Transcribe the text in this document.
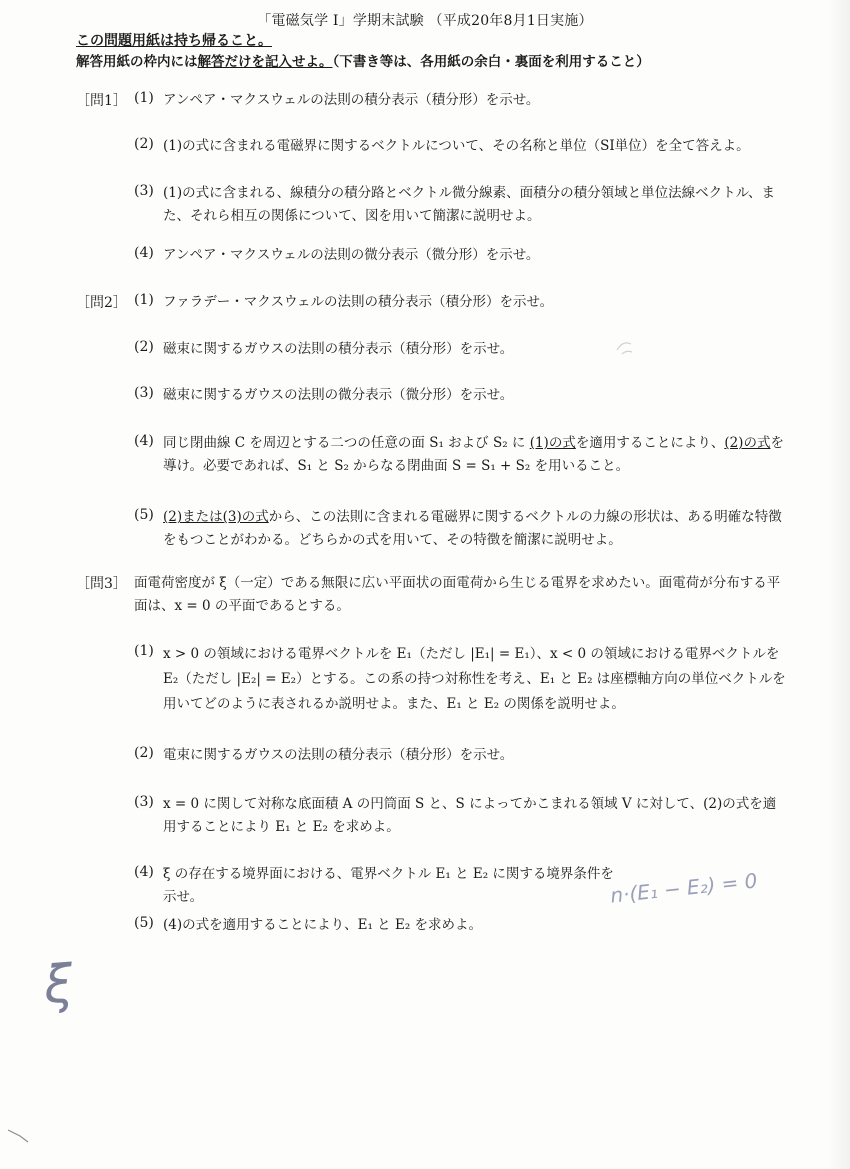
「電磁気学 I」学期末試験 （平成20年8月1日実施）
この問題用紙は持ち帰ること。
解答用紙の枠内には解答だけを記入せよ。（下書き等は、各用紙の余白・裏面を利用すること）
［問1］ (1) アンペア・マクスウェルの法則の積分表示（積分形）を示せ。
(2) (1)の式に含まれる電磁界に関するベクトルについて、その名称と単位（SI単位）を全て答えよ。
(3) (1)の式に含まれる、線積分の積分路とベクトル微分線素、面積分の積分領域と単位法線ベクトル、また、それら相互の関係について、図を用いて簡潔に説明せよ。
(4) アンペア・マクスウェルの法則の微分表示（微分形）を示せ。
［問2］ (1) ファラデー・マクスウェルの法則の積分表示（積分形）を示せ。
(2) 磁束に関するガウスの法則の積分表示（積分形）を示せ。
(3) 磁束に関するガウスの法則の微分表示（微分形）を示せ。
(4) 同じ閉曲線 C を周辺とする二つの任意の面 S₁ および S₂ に (1)の式を適用することにより、(2)の式を導け。必要であれば、S₁ と S₂ からなる閉曲面 S = S₁ + S₂ を用いること。
(5) (2)または(3)の式から、この法則に含まれる電磁界に関するベクトルの力線の形状は、ある明確な特徴をもつことがわかる。どちらかの式を用いて、その特徴を簡潔に説明せよ。
［問3］ 面電荷密度が ξ（一定）である無限に広い平面状の面電荷から生じる電界を求めたい。面電荷が分布する平面は、x = 0 の平面であるとする。
(1) x > 0 の領域における電界ベクトルを E₁（ただし |E₁| = E₁）、x < 0 の領域における電界ベクトルを E₂（ただし |E₂| = E₂）とする。この系の持つ対称性を考え、E₁ と E₂ は座標軸方向の単位ベクトルを用いてどのように表されるか説明せよ。また、E₁ と E₂ の関係を説明せよ。
(2) 電束に関するガウスの法則の積分表示（積分形）を示せ。
(3) x = 0 に関して対称な底面積 A の円筒面 S と、S によってかこまれる領域 V に対して、(2)の式を適用することにより E₁ と E₂ を求めよ。
(4) ξ の存在する境界面における、電界ベクトル E₁ と E₂ に関する境界条件を示せ。
(5) (4)の式を適用することにより、E₁ と E₂ を求めよ。
n·(E₁ − E₂) = 0
ξ
